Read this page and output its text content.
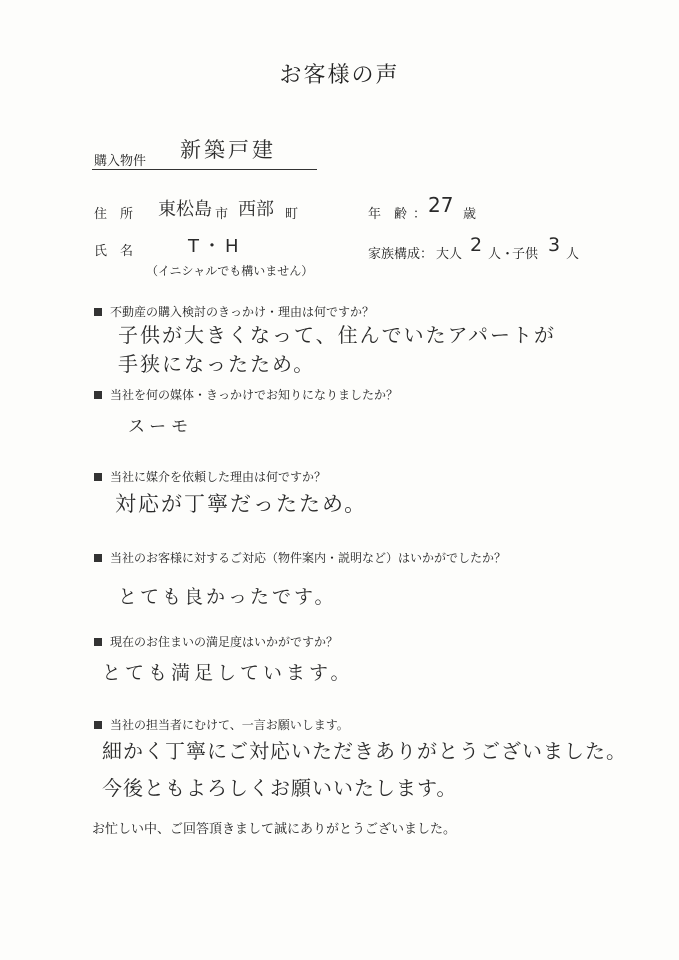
お客様の声
購入物件 新築戸建
住　所 東松島 市 西部 町	年　齢 ： 27 歳
氏　名	T・H
（イニシャルでも構いません）
家族構成： 大人 2 人・
子供 3 人
不動産の購入検討のきっかけ・理由は何ですか？
子供が大きくなって、住んでいたアパートが
手狭になったため。
当社を何の媒体・きっかけでお知りになりましたか？
スーモ
当社に媒介を依頼した理由は何ですか？
対応が丁寧だったため。
当社のお客様に対するご対応（物件案内・説明など）はいかがでしたか？
とても良かったです。
現在のお住まいの満足度はいかがですか？
とても満足しています。
当社の担当者にむけて、一言お願いします。
細かく丁寧にご対応いただきありがとうございました。
今後ともよろしくお願いいたします。
お忙しい中、ご回答頂きまして誠にありがとうございました。
